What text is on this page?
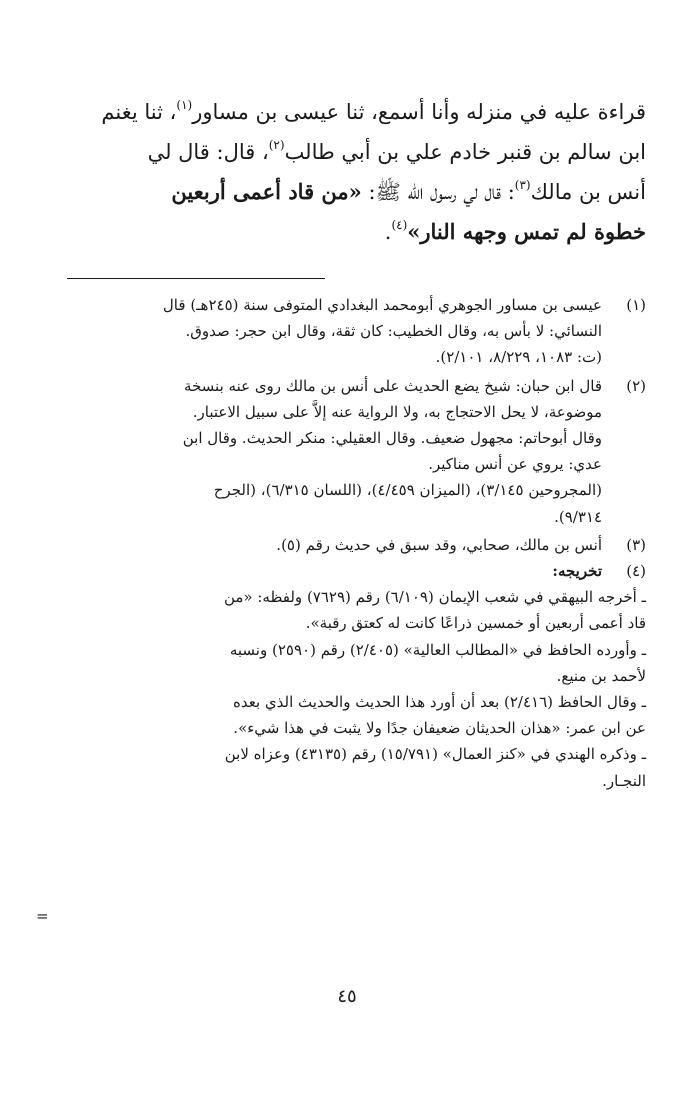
قراءة عليه في منزله وأنا أسمع، ثنا عيسى بن مساور$^{(١)}$، ثنا يغنم

ابن سالم بن قنبر خادم علي بن أبي طالب$^{(٢)}$، قال: قال لي

أنس بن مالك$^{(٣)}$: قال لي رسول الله ﷺ: «من قاد أعمى أربعين

خطوة لم تمس وجهه النار»$^{(٤)}$.

(١)
عيسى بن مساور الجوهري أبومحمد البغدادي المتوفى سنة (٢٤٥هـ) قال
النسائي: لا بأس به، وقال الخطيب: كان ثقة، وقال ابن حجر: صدوق.
(ت: ١٠٨٣، ٨/٢٢٩، ٢/١٠١).
(٢)
قال ابن حبان: شيخ يضع الحديث على أنس بن مالك روى عنه بنسخة
موضوعة، لا يحل الاحتجاج به، ولا الرواية عنه إلاَّ على سبيل الاعتبار.
وقال أبوحاتم: مجهول ضعيف. وقال العقيلي: منكر الحديث. وقال ابن
عدي: يروي عن أنس مناكير.
(المجروحين ٣/١٤٥)، (الميزان ٤/٤٥٩)، (اللسان ٦/٣١٥)، (الجرح
٩/٣١٤).
(٣)
أنس بن مالك، صحابي، وقد سبق في حديث رقم (٥).
(٤)
تخريجه:
ـ أخرجه البيهقي في شعب الإيمان (٦/١٠٩) رقم (٧٦٢٩) ولفظه: «من
قاد أعمى أربعين أو خمسين ذراعًا كانت له كعتق رقبة».
ـ وأورده الحافظ في «المطالب العالية» (٢/٤٠٥) رقم (٢٥٩٠) ونسبه
لأحمد بن منيع.
ـ وقال الحافظ (٢/٤١٦) بعد أن أورد هذا الحديث والحديث الذي بعده
عن ابن عمر: «هذان الحديثان ضعيفان جدًا ولا يثبت في هذا شيء».
ـ وذكره الهندي في «كنز العمال» (١٥/٧٩١) رقم (٤٣١٣٥) وعزاه لابن
النجـار.
=
٤٥
